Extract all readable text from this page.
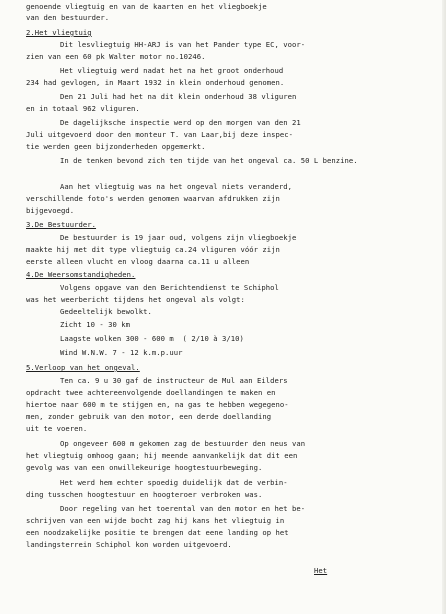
genoende vliegtuig en van de kaarten en het vliegboekje
van den bestuurder.
2.Het vliegtuig
Dit lesvliegtuig HH-ARJ is van het Pander type EC, voor-
zien van een 60 pk Walter motor no.10246.
Het vliegtuig werd nadat het na het groot onderhoud
234 had gevlogen, in Maart 1932 in klein onderhoud genomen.
Den 21 Juli had het na dit klein onderhoud 38 vliguren
en in totaal 962 vliguren.
De dagelijksche inspectie werd op den morgen van den 21
Juli uitgevoerd door den monteur T. van Laar,bij deze inspec-
tie werden geen bijzonderheden opgemerkt.
In de tenken bevond zich ten tijde van het ongeval ca. 50 L benzine.
Aan het vliegtuig was na het ongeval niets veranderd,
verschillende foto's werden genomen waarvan afdrukken zijn
bijgevoegd.
3.De Bestuurder.
De bestuurder is 19 jaar oud, volgens zijn vliegboekje
maakte hij met dit type vliegtuig ca.24 vliguren vóór zijn
eerste alleen vlucht en vloog daarna ca.11 u alleen
4.De Weersomstandigheden.
Volgens opgave van den Berichtendienst te Schiphol
was het weerbericht tijdens het ongeval als volgt:
Gedeeltelijk bewolkt.
Zicht 10 - 30 km
Laagste wolken 300 - 600 m  ( 2/10 à 3/10)
Wind W.N.W. 7 - 12 k.m.p.uur
5.Verloop van het ongeval.
Ten ca. 9 u 30 gaf de instructeur de Mul aan Eilders
opdracht twee achtereenvolgende doellandingen te maken en
hiertoe naar 600 m te stijgen en, na gas te hebben wegegeno-
men, zonder gebruik van den motor, een derde doellanding
uit te voeren.
Op ongeveer 600 m gekomen zag de bestuurder den neus van
het vliegtuig omhoog gaan; hij meende aanvankelijk dat dit een
gevolg was van een onwillekeurige hoogtestuurbeweging.
Het werd hem echter spoedig duidelijk dat de verbin-
ding tusschen hoogtestuur en hoogteroer verbroken was.
Door regeling van het toerental van den motor en het be-
schrijven van een wijde bocht zag hij kans het vliegtuig in
een noodzakelijke positie te brengen dat eene landing op het
landingsterrein Schiphol kon worden uitgevoerd.
Het
